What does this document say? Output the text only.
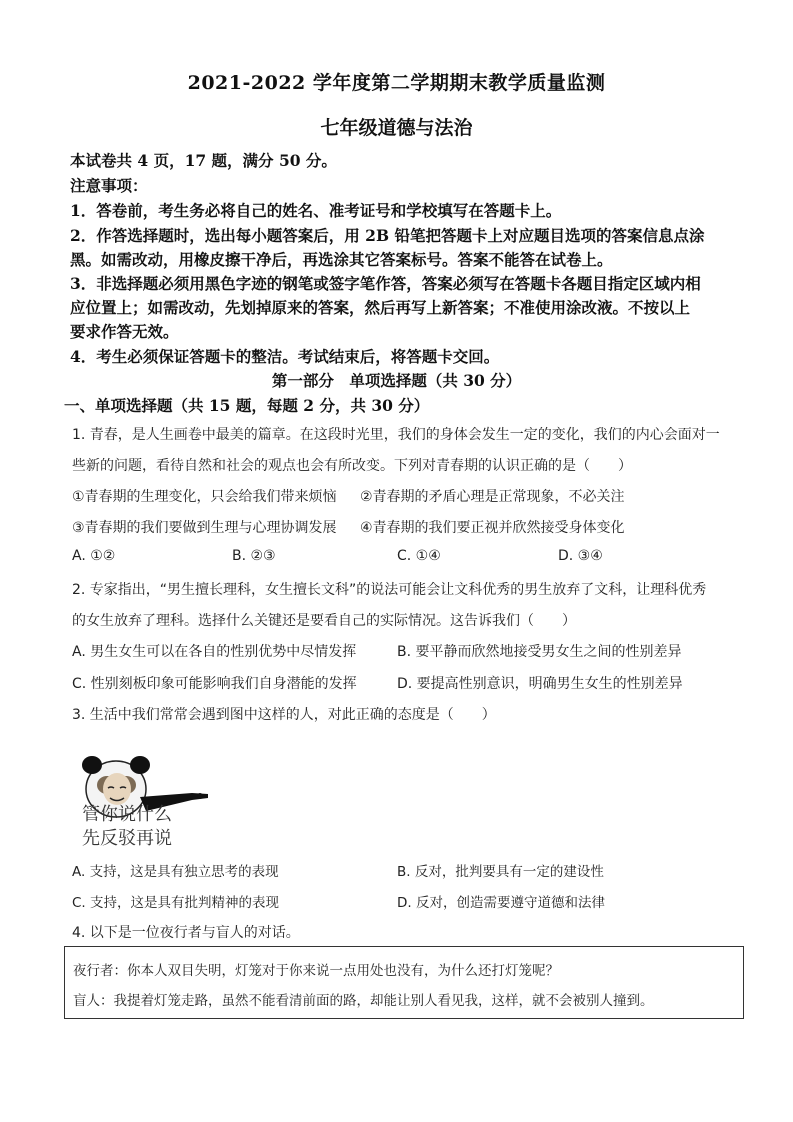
2021-2022 学年度第二学期期末教学质量监测
七年级道德与法治
本试卷共 4 页，17 题，满分 50 分。
注意事项：
1．答卷前，考生务必将自己的姓名、准考证号和学校填写在答题卡上。
2．作答选择题时，选出每小题答案后，用 2B 铅笔把答题卡上对应题目选项的答案信息点涂
黑。如需改动，用橡皮擦干净后，再选涂其它答案标号。答案不能答在试卷上。
3．非选择题必须用黑色字迹的钢笔或签字笔作答，答案必须写在答题卡各题目指定区域内相
应位置上；如需改动，先划掉原来的答案，然后再写上新答案；不准使用涂改液。不按以上
要求作答无效。
4．考生必须保证答题卡的整洁。考试结束后，将答题卡交回。
第一部分　单项选择题（共 30 分）
一、单项选择题（共 15 题，每题 2 分，共 30 分）
1. 青春，是人生画卷中最美的篇章。在这段时光里，我们的身体会发生一定的变化，我们的内心会面对一
些新的问题，看待自然和社会的观点也会有所改变。下列对青春期的认识正确的是（　　）
①青春期的生理变化，只会给我们带来烦恼 ②青春期的矛盾心理是正常现象，不必关注
③青春期的我们要做到生理与心理协调发展 ④青春期的我们要正视并欣然接受身体变化
A. ①②	B. ②③	C. ①④	D. ③④
2. 专家指出，“男生擅长理科，女生擅长文科”的说法可能会让文科优秀的男生放弃了文科，让理科优秀
的女生放弃了理科。选择什么关键还是要看自己的实际情况。这告诉我们（　　）
A. 男生女生可以在各自的性别优势中尽情发挥	B. 要平静而欣然地接受男女生之间的性别差异
C. 性别刻板印象可能影响我们自身潜能的发挥	D. 要提高性别意识，明确男生女生的性别差异
3. 生活中我们常常会遇到图中这样的人，对此正确的态度是（　　）
管你说什么
先反驳再说
A. 支持，这是具有独立思考的表现	B. 反对，批判要具有一定的建设性
C. 支持，这是具有批判精神的表现	D. 反对，创造需要遵守道德和法律
4. 以下是一位夜行者与盲人的对话。
夜行者：你本人双目失明，灯笼对于你来说一点用处也没有，为什么还打灯笼呢？
盲人：我提着灯笼走路，虽然不能看清前面的路，却能让别人看见我，这样，就不会被别人撞到。
